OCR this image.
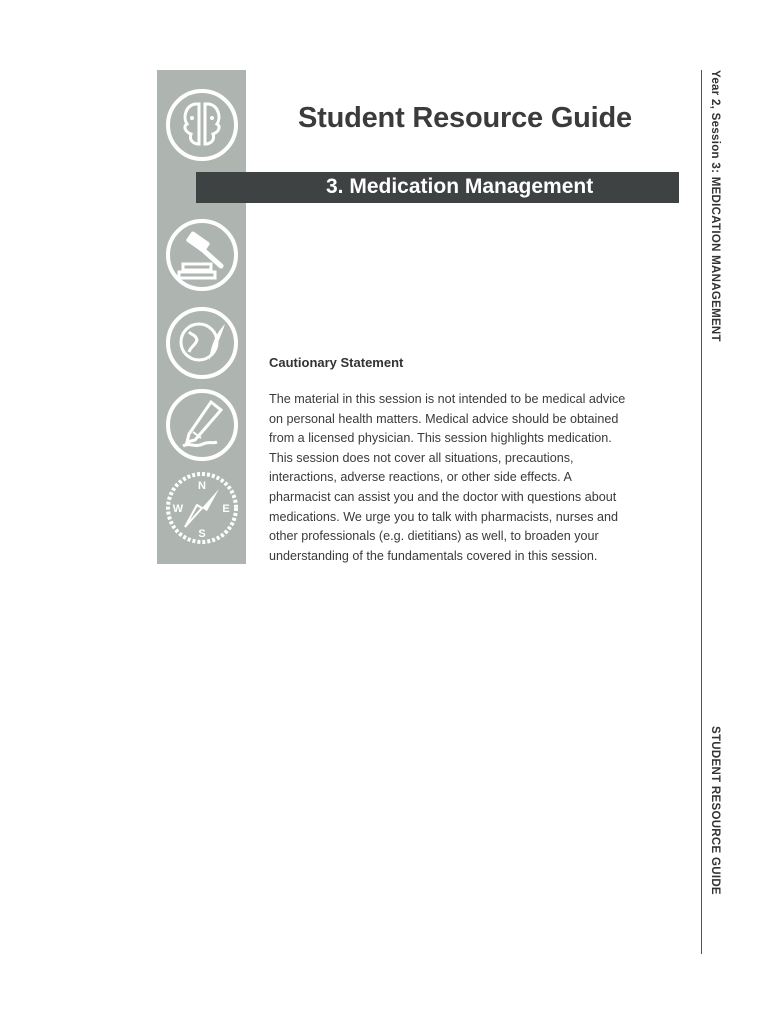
N
E
S
W
Student Resource Guide
3. Medication Management
Cautionary Statement
The material in this session is not intended to be medical advice
on personal health matters. Medical advice should be obtained
from a licensed physician. This session highlights medication.
This session does not cover all situations, precautions,
interactions, adverse reactions, or other side effects. A
pharmacist can assist you and the doctor with questions about
medications. We urge you to talk with pharmacists, nurses and
other professionals (e.g. dietitians) as well, to broaden your
understanding of the fundamentals covered in this session.
Year 2, Session 3: MEDICATION MANAGEMENT
STUDENT RESOURCE GUIDE
